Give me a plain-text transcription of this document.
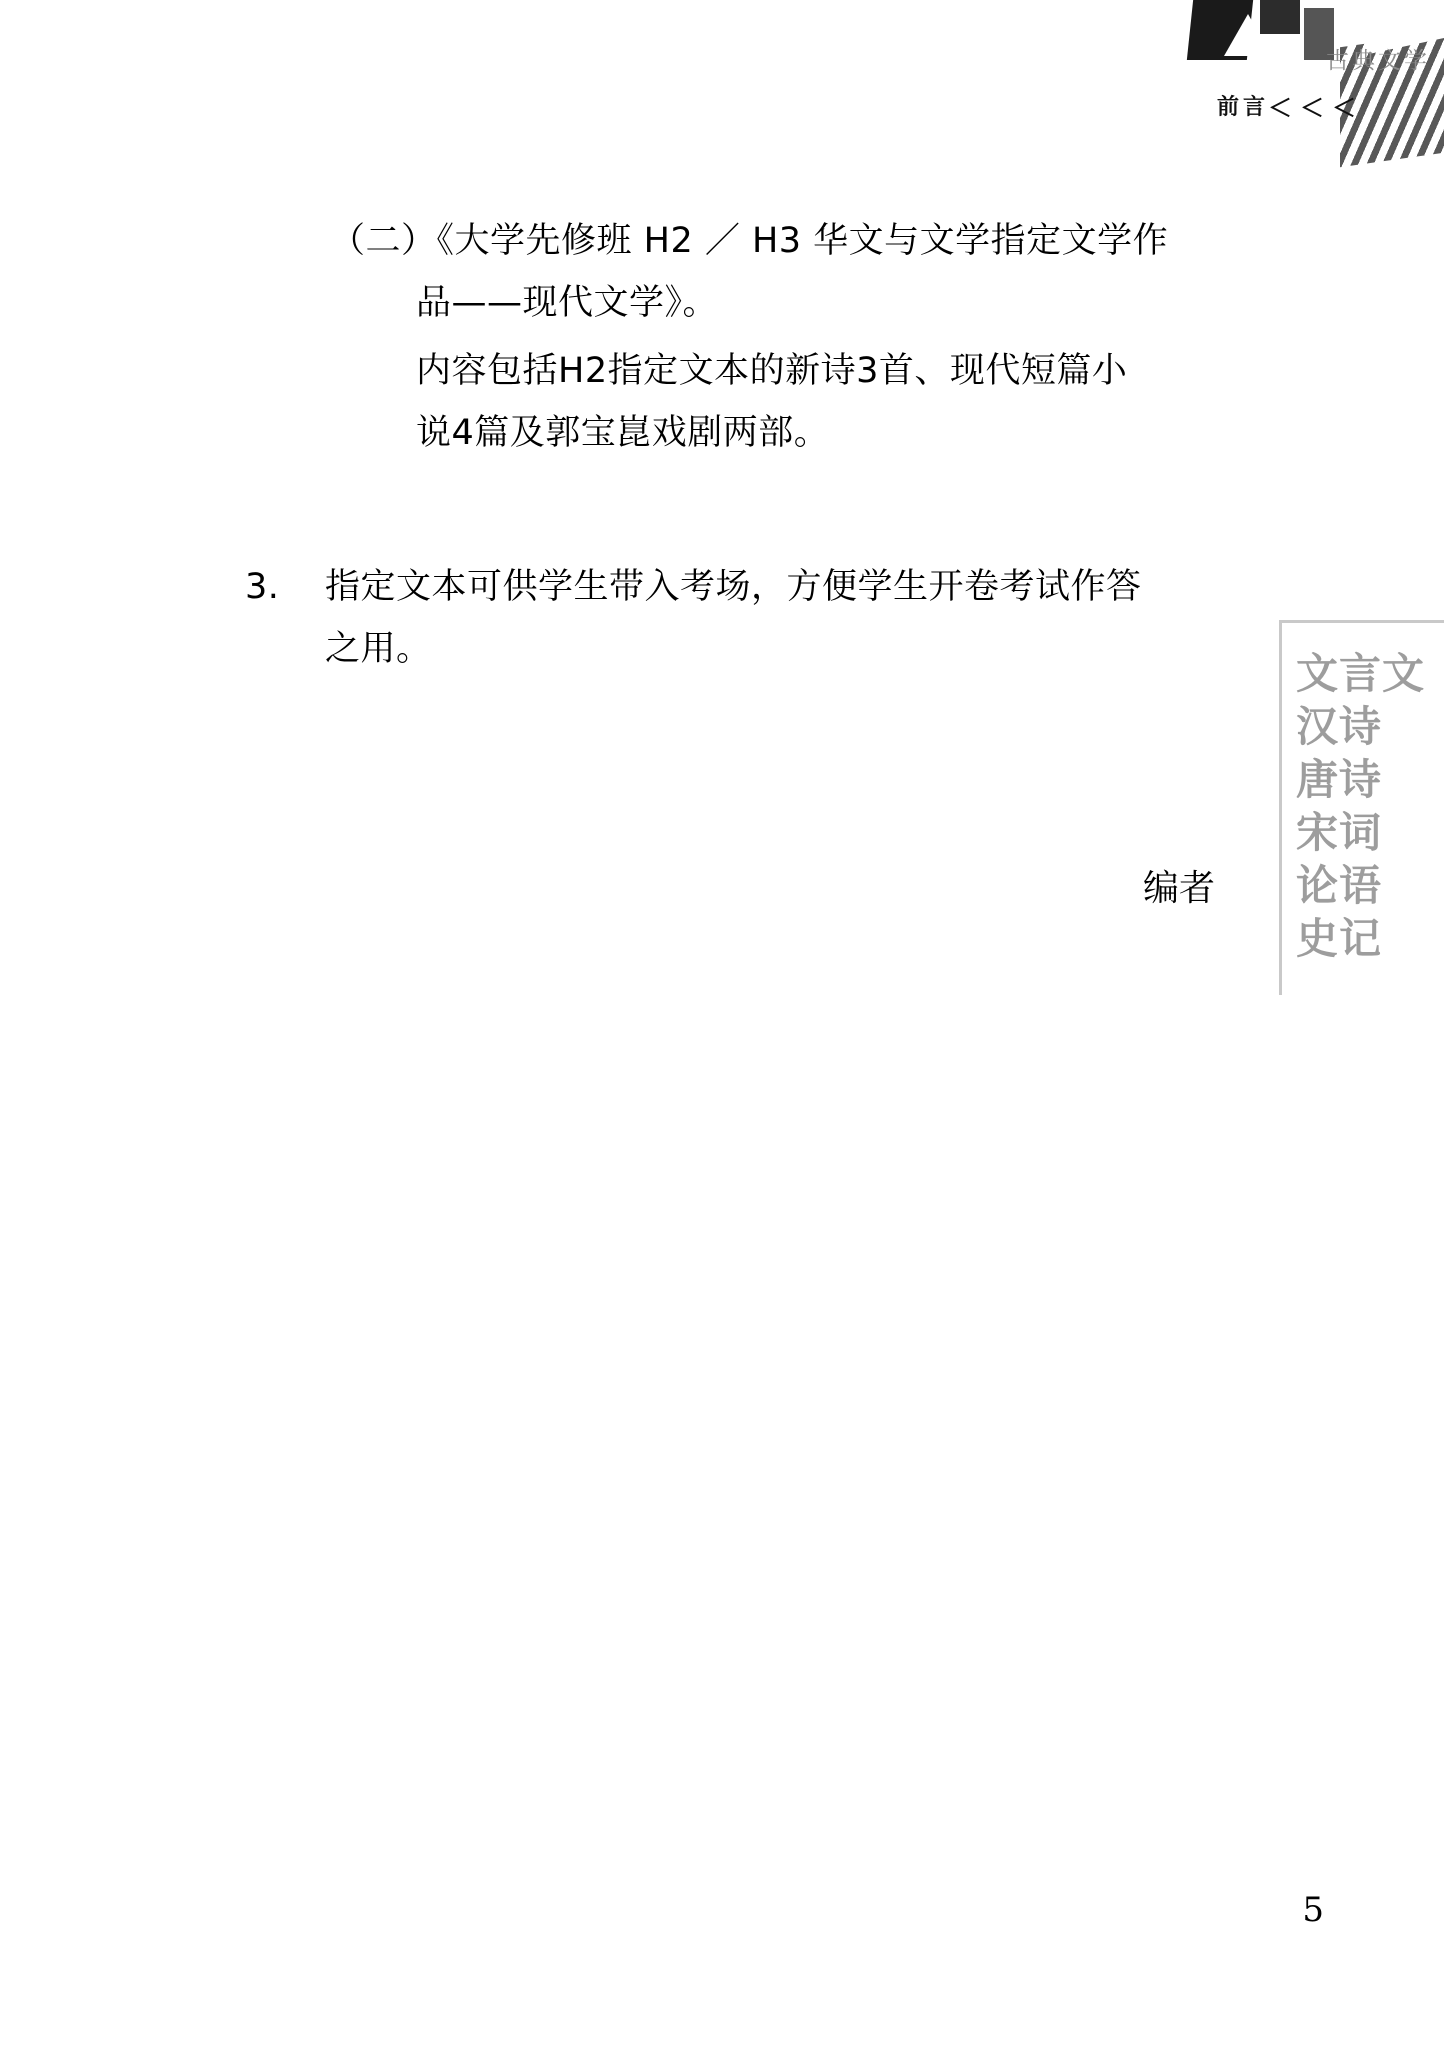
古典文学
前言 ＜＜＜
（二）《大学先修班 H2 ／ H3 华文与文学指定文学作
品——现代文学》。
内容包括H2指定文本的新诗3首、现代短篇小
说4篇及郭宝崑戏剧两部。
3. 指定文本可供学生带入考场，方便学生开卷考试作答
之用。
编者
文言文
汉诗
唐诗
宋词
论语
史记
5
